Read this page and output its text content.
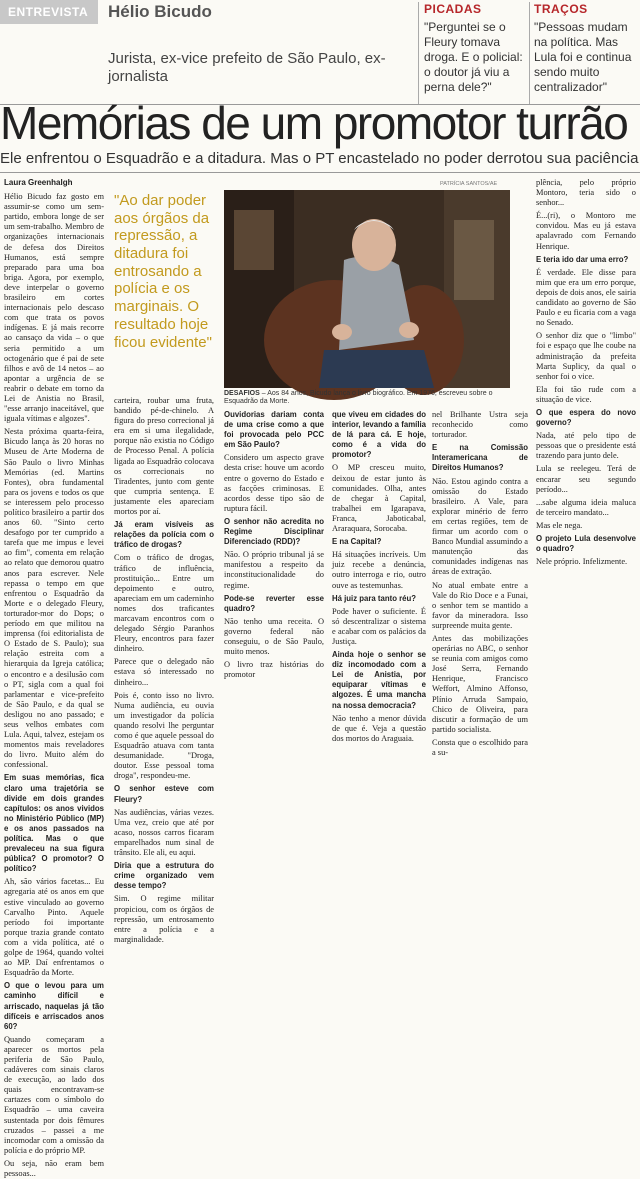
ENTREVISTA	Hélio Bicudo
Jurista, ex-vice prefeito de São Paulo, ex-jornalista
PICADAS
"Perguntei se o Fleury tomava droga. E o policial: o doutor já viu a perna dele?"
TRAÇOS
"Pessoas mudam na política. Mas Lula foi e continua sendo muito centralizador"
Memórias de um promotor turrão
Ele enfrentou o Esquadrão e a ditadura. Mas o PT encastelado no poder derrotou sua paciência
PATRÍCIA SANTOS/AE
Laura Greenhalgh

Hélio Bicudo faz gosto em assumir-se como um sem-partido, embora longe de ser um sem-trabalho. Membro de organizações internacionais de defesa dos Direitos Humanos, está sempre preparado para uma boa briga. Agora, por exemplo, deve interpelar o governo brasileiro em cortes internacionais pelo descaso com que trata os povos indígenas. E já mais recorre ao cansaço da vida – o que seria permitido a um octogenário que é pai de sete filhos e avô de 14 netos – ao apontar a urgência de se reabrir o debate em torno da Lei de Anistia no Brasil, "esse arranjo inaceitável, que iguala vítimas e algozes".

Nesta próxima quarta-feira, Bicudo lança às 20 horas no Museu de Arte Moderna de São Paulo o livro Minhas Memórias (ed. Martins Fontes), obra fundamental para os jovens e todos os que se interessem pelo processo político brasileiro a partir dos anos 60. "Sinto certo desafogo por ter cumprido a tarefa que me impus e levei ao fim", comenta em relação ao relato que demorou quatro anos para escrever. Nele repassa o tempo em que enfrentou o Esquadrão da Morte e o delegado Fleury, torturador-mor do Dops; o período em que militou na imprensa (foi editorialista de O Estado de S. Paulo); sua relação estreita com a hierarquia da Igreja católica; o encontro e a desilusão com o PT, sigla com a qual foi parlamentar e vice-prefeito de São Paulo, e da qual se desligou no ano passado; e seus velhos embates com Lula. Aqui, talvez, estejam os momentos mais reveladores do livro. Muito além do confessional.

Em suas memórias, fica claro uma trajetória se divide em dois grandes capítulos: os anos vividos no Ministério Público (MP) e os anos passados na política. Mas o que prevaleceu na sua figura pública? O promotor? O político?

Ah, são vários facetas... Eu agregaria até os anos em que estive vinculado ao governo Carvalho Pinto. Aquele período foi importante porque trazia grande contato com a vida política, até o golpe de 1964, quando voltei ao MP. Daí enfrentamos o Esquadrão da Morte.

O que o levou para um caminho difícil e arriscado, naquelas já tão difíceis e arriscados anos 60?

Quando começaram a aparecer os mortos pela periferia de São Paulo, cadáveres com sinais claros de execução, ao lado dos quais encontravam-se cartazes com o símbolo do Esquadrão – uma caveira sustentada por dois fêmures cruzados – passei a me incomodar com a omissão da polícia e do próprio MP.

Ou seja, não eram bem pessoas...

"Ao dar poder aos órgãos da repressão, a ditadura foi entrosando a polícia e os marginais. O resultado hoje ficou evidente"
DESAFIOS – Aos 84 anos, Bicudo lança o livro biográfico. Em 1976, escreveu sobre o Esquadrão da Morte.

carteira, roubar uma fruta, bandido pé-de-chinelo. A figura do preso correcional já era em si uma ilegalidade, porque não existia no Código de Processo Penal. A polícia ligada ao Esquadrão colocava os correcionais no Tiradentes, junto com gente que cumpria sentença. E justamente eles apareciam mortos por aí.

Já eram visíveis as relações da polícia com o tráfico de drogas?

Com o tráfico de drogas, tráfico de influência, prostituição... Entre um depoimento e outro, apareciam em um caderninho nomes dos traficantes marcavam encontros com o delegado Sérgio Paranhos Fleury, encontros para fazer dinheiro.

Parece que o delegado não estava só interessado no dinheiro...

Pois é, conto isso no livro. Numa audiência, eu ouvia um investigador da polícia quando resolvi lhe perguntar como é que aquele pessoal do Esquadrão atuava com tanta desumanidade. "Droga, doutor. Esse pessoal toma droga", respondeu-me.

O senhor esteve com Fleury?

Nas audiências, várias vezes. Uma vez, creio que até por acaso, nossos carros ficaram emparelhados num sinal de trânsito. Ele ali, eu aqui.

Diria que a estrutura do crime organizado vem desse tempo?

Sim. O regime militar propiciou, com os órgãos de repressão, um entrosamento entre a polícia e a marginalidade.

Ouvidorias dariam conta de uma crise como a que foi provocada pelo PCC em São Paulo?

Considero um aspecto grave desta crise: houve um acordo entre o governo do Estado e as facções criminosas. E acordos desse tipo são de ruptura fácil.

O senhor não acredita no Regime Disciplinar Diferenciado (RDD)?

Não. O próprio tribunal já se manifestou a respeito da inconstitucionalidade do regime.

Pode-se reverter esse quadro?

Não tenho uma receita. O governo federal não conseguiu, o de São Paulo, muito menos.

O livro traz histórias do promotor

que viveu em cidades do interior, levando a família de lá para cá. E hoje, como é a vida do promotor?

O MP cresceu muito, deixou de estar junto às comunidades. Olha, antes de chegar à Capital, trabalhei em Igarapava, Franca, Jaboticabal, Araraquara, Sorocaba.

E na Capital?

Há situações incríveis. Um juiz recebe a denúncia, outro interroga e rio, outro ouve as testemunhas.

Há juiz para tanto réu?

Pode haver o suficiente. É só descentralizar o sistema e acabar com os palácios da Justiça.

Ainda hoje o senhor se diz incomodado com a Lei de Anistia, por equiparar vítimas e algozes. É uma mancha na nossa democracia?

Não tenho a menor dúvida de que é. Veja a questão dos mortos do Araguaia.

nel Brilhante Ustra seja reconhecido como torturador.

E na Comissão Interamericana de Direitos Humanos?

Não. Estou agindo contra a omissão do Estado brasileiro. A Vale, para explorar minério de ferro em certas regiões, tem de firmar um acordo com o Banco Mundial assumindo a manutenção das comunidades indígenas nas áreas de extração.

No atual embate entre a Vale do Rio Doce e a Funai, o senhor tem se mantido a favor da mineradora. Isso surpreende muita gente.

Antes das mobilizações operárias no ABC, o senhor se reunia com amigos como José Serra, Fernando Henrique, Francisco Weffort, Almino Affonso, Plínio Arruda Sampaio, Chico de Oliveira, para discutir a formação de um partido socialista.

Consta que o escolhido para a su-

plência, pelo próprio Montoro, teria sido o senhor...

É...(ri), o Montoro me convidou. Mas eu já estava apalavrado com Fernando Henrique.

E teria ido dar uma erro?

É verdade. Ele disse para mim que era um erro porque, depois de dois anos, ele sairia candidato ao governo de São Paulo e eu ficaria com a vaga no Senado.

O senhor diz que o "limbo" foi e espaço que lhe coube na administração da prefeita Marta Suplicy, da qual o senhor foi o vice.

Ela foi tão rude com a situação de vice.

O que espera do novo governo?

Nada, até pelo tipo de pessoas que o presidente está trazendo para junto dele.

Lula se reelegeu. Terá de encarar seu segundo período...

...sabe alguma ideia maluca de terceiro mandato...

Mas ele nega.

O projeto Lula desenvolve o quadro?

Nele próprio. Infelizmente.
